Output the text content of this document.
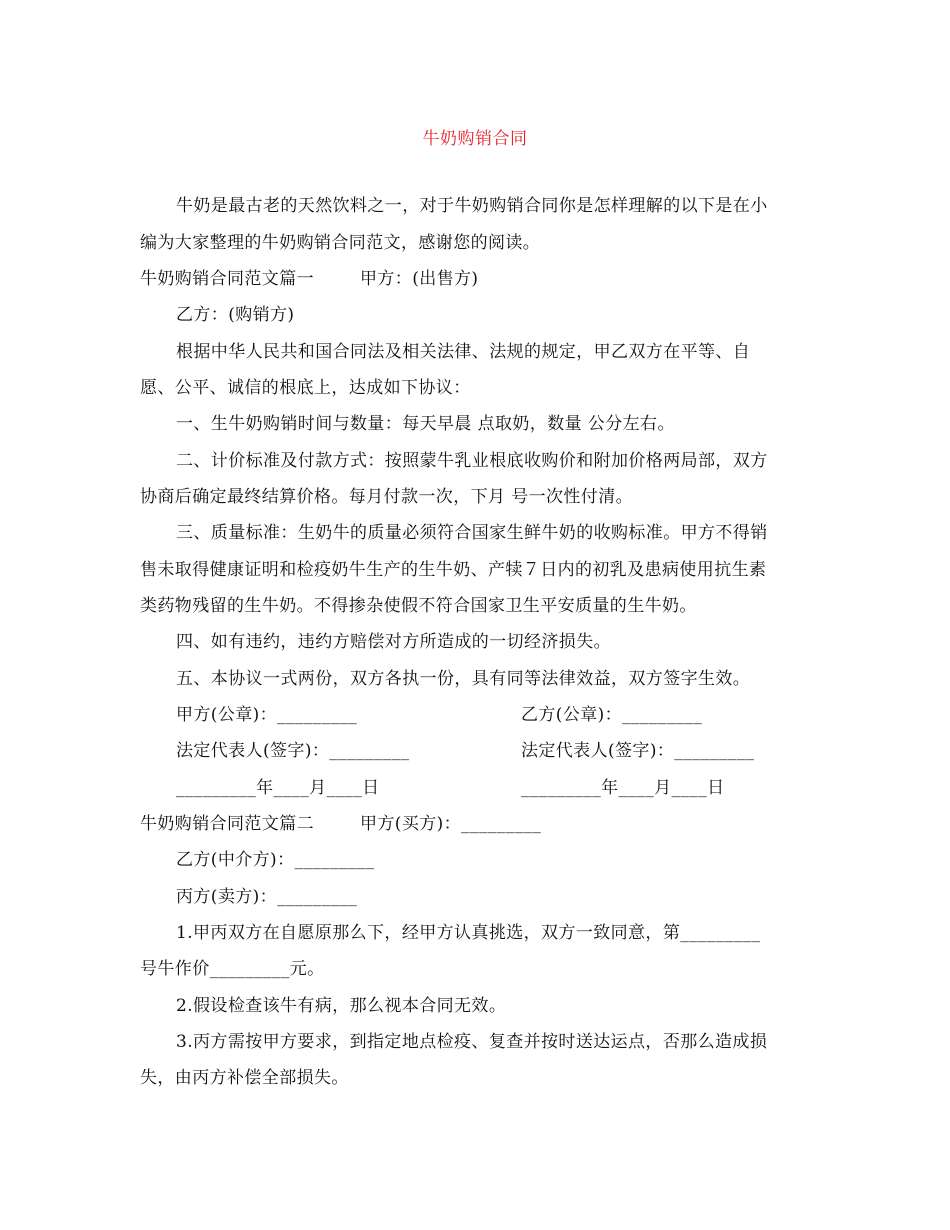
牛奶购销合同
牛奶是最古老的天然饮料之一，对于牛奶购销合同你是怎样理解的以下是在小
编为大家整理的牛奶购销合同范文，感谢您的阅读。
牛奶购销合同范文篇一	甲方：(出售方)
乙方：(购销方)
根据中华人民共和国合同法及相关法律、法规的规定，甲乙双方在平等、自
愿、公平、诚信的根底上，达成如下协议：
一、生牛奶购销时间与数量：每天早晨 点取奶，数量 公分左右。
二、计价标准及付款方式：按照蒙牛乳业根底收购价和附加价格两局部，双方
协商后确定最终结算价格。每月付款一次，下月 号一次性付清。
三、质量标准：生奶牛的质量必须符合国家生鲜牛奶的收购标准。甲方不得销
售未取得健康证明和检疫奶牛生产的生牛奶、产犊７日内的初乳及患病使用抗生素
类药物残留的生牛奶。不得掺杂使假不符合国家卫生平安质量的生牛奶。
四、如有违约，违约方赔偿对方所造成的一切经济损失。
五、本协议一式两份，双方各执一份，具有同等法律效益，双方签字生效。
甲方(公章)：_________	乙方(公章)：_________
法定代表人(签字)：_________	法定代表人(签字)：_________
_________年____月____日	_________年____月____日
牛奶购销合同范文篇二	甲方(买方)：_________
乙方(中介方)：_________
丙方(卖方)：_________
1.甲丙双方在自愿原那么下，经甲方认真挑选，双方一致同意，第_________
号牛作价_________元。
2.假设检查该牛有病，那么视本合同无效。
3.丙方需按甲方要求，到指定地点检疫、复查并按时送达运点，否那么造成损
失，由丙方补偿全部损失。
